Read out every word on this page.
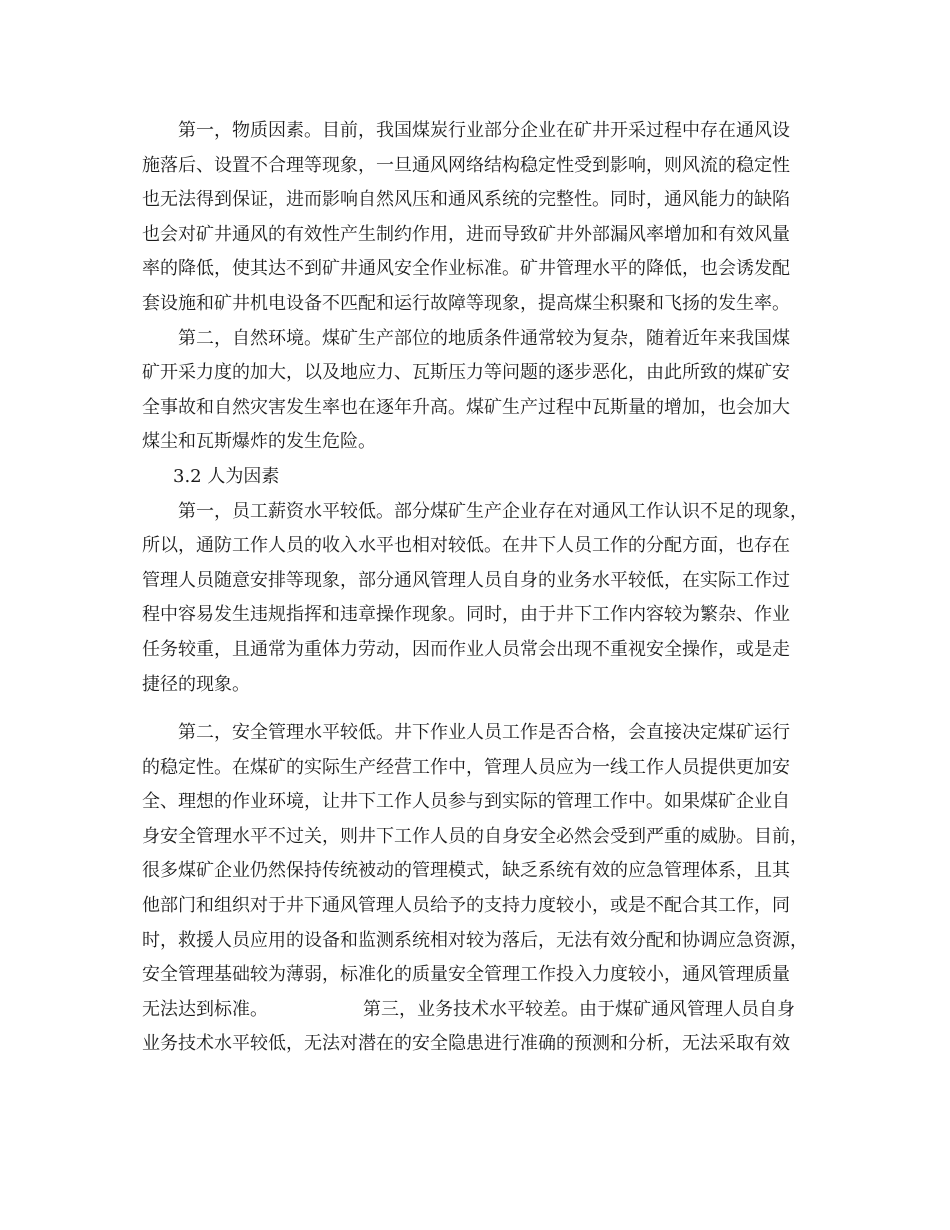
第一，物质因素。目前，我国煤炭行业部分企业在矿井开采过程中存在通风设
施落后、设置不合理等现象，一旦通风网络结构稳定性受到影响，则风流的稳定性
也无法得到保证，进而影响自然风压和通风系统的完整性。同时，通风能力的缺陷
也会对矿井通风的有效性产生制约作用，进而导致矿井外部漏风率增加和有效风量
率的降低，使其达不到矿井通风安全作业标准。矿井管理水平的降低，也会诱发配
套设施和矿井机电设备不匹配和运行故障等现象，提高煤尘积聚和飞扬的发生率。
第二，自然环境。煤矿生产部位的地质条件通常较为复杂，随着近年来我国煤
矿开采力度的加大，以及地应力、瓦斯压力等问题的逐步恶化，由此所致的煤矿安
全事故和自然灾害发生率也在逐年升高。煤矿生产过程中瓦斯量的增加，也会加大
煤尘和瓦斯爆炸的发生危险。
3.2 人为因素
第一，员工薪资水平较低。部分煤矿生产企业存在对通风工作认识不足的现象，
所以，通防工作人员的收入水平也相对较低。在井下人员工作的分配方面，也存在
管理人员随意安排等现象，部分通风管理人员自身的业务水平较低，在实际工作过
程中容易发生违规指挥和违章操作现象。同时，由于井下工作内容较为繁杂、作业
任务较重，且通常为重体力劳动，因而作业人员常会出现不重视安全操作，或是走
捷径的现象。
第二，安全管理水平较低。井下作业人员工作是否合格，会直接决定煤矿运行
的稳定性。在煤矿的实际生产经营工作中，管理人员应为一线工作人员提供更加安
全、理想的作业环境，让井下工作人员参与到实际的管理工作中。如果煤矿企业自
身安全管理水平不过关，则井下工作人员的自身安全必然会受到严重的威胁。目前，
很多煤矿企业仍然保持传统被动的管理模式，缺乏系统有效的应急管理体系，且其
他部门和组织对于井下通风管理人员给予的支持力度较小，或是不配合其工作，同
时，救援人员应用的设备和监测系统相对较为落后，无法有效分配和协调应急资源，
安全管理基础较为薄弱，标准化的质量安全管理工作投入力度较小，通风管理质量
无法达到标准。	第三，业务技术水平较差。由于煤矿通风管理人员自身
业务技术水平较低，无法对潜在的安全隐患进行准确的预测和分析，无法采取有效
